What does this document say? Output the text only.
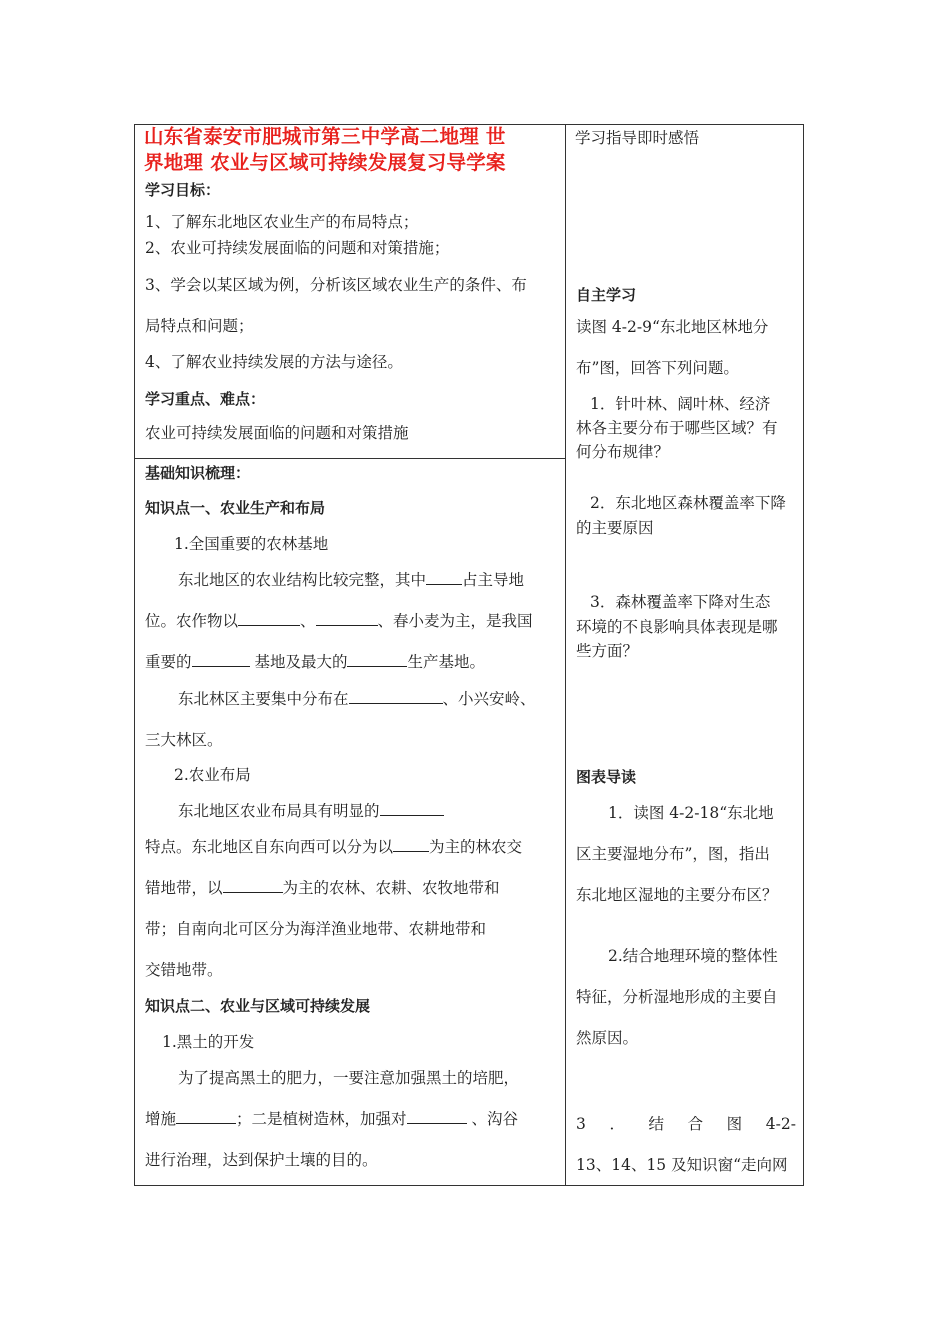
山东省泰安市肥城市第三中学高二地理 世
界地理 农业与区域可持续发展复习导学案
学习目标：
1、了解东北地区农业生产的布局特点；
2、农业可持续发展面临的问题和对策措施；
3、学会以某区域为例，分析该区域农业生产的条件、布
局特点和问题；
4、了解农业持续发展的方法与途径。
学习重点、难点：
农业可持续发展面临的问题和对策措施
基础知识梳理：
知识点一、农业生产和布局
1.全国重要的农林基地
东北地区的农业结构比较完整，其中 占主导地
位。农作物以	、	、春小麦为主，是我国
重要的	基地及最大的	生产基地。
东北林区主要集中分布在	、小兴安岭、
三大林区。
2.农业布局
东北地区农业布局具有明显的
特点。东北地区自东向西可以分为以 为主的林农交
错地带，以	为主的农林、农耕、农牧地带和
带；自南向北可区分为海洋渔业地带、农耕地带和
交错地带。
知识点二、农业与区域可持续发展
1.黑土的开发
为了提高黑土的肥力，一要注意加强黑土的培肥，
增施	；二是植树造林，加强对	、沟谷
进行治理，达到保护土壤的目的。
学习指导即时感悟
自主学习
读图 4-2-9“东北地区林地分
布”图，回答下列问题。
1．针叶林、阔叶林、经济
林各主要分布于哪些区域？有
何分布规律？
2．东北地区森林覆盖率下降
的主要原因
3．森林覆盖率下降对生态
环境的不良影响具体表现是哪
些方面？
图表导读
1．读图 4-2-18“东北地
区主要湿地分布”，图，指出
东北地区湿地的主要分布区？
2.结合地理环境的整体性
特征，分析湿地形成的主要自
然原因。
3 ． 结 合 图 4-2-
13、14、15 及知识窗“走向网
